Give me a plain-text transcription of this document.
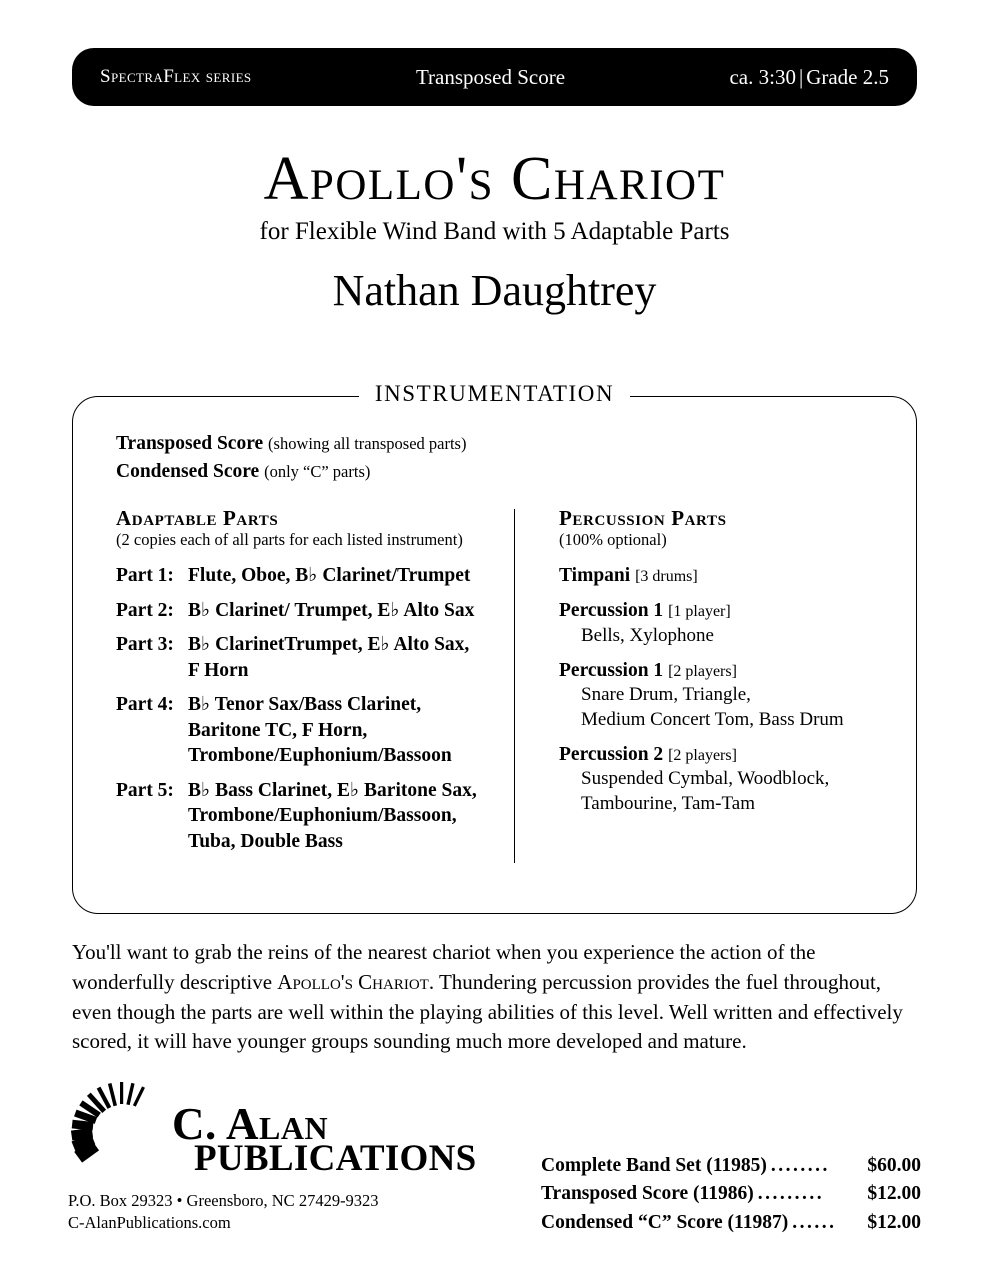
SpectraFlex series	Transposed Score	ca. 3:30 | Grade 2.5
Apollo's Chariot
for Flexible Wind Band with 5 Adaptable Parts
Nathan Daughtrey
INSTRUMENTATION
Transposed Score (showing all transposed parts)
Condensed Score (only “C” parts)
Adaptable Parts
(2 copies each of all parts for each listed instrument)
Part 1: Flute, Oboe, B♭ Clarinet/Trumpet
Part 2: B♭ Clarinet/ Trumpet, E♭ Alto Sax
Part 3: B♭ ClarinetTrumpet, E♭ Alto Sax,
F Horn
Part 4: B♭ Tenor Sax/Bass Clarinet,
Baritone TC, F Horn,
Trombone/Euphonium/Bassoon
Part 5: B♭ Bass Clarinet, E♭ Baritone Sax,
Trombone/Euphonium/Bassoon,
Tuba, Double Bass
Percussion Parts
(100% optional)
Timpani [3 drums]
Percussion 1 [1 player]
Bells, Xylophone
Percussion 1 [2 players]
Snare Drum, Triangle,
Medium Concert Tom, Bass Drum
Percussion 2 [2 players]
Suspended Cymbal, Woodblock,
Tambourine, Tam-Tam
You'll want to grab the reins of the nearest chariot when you experience the action of the wonderfully descriptive Apollo's Chariot. Thundering percussion provides the fuel throughout, even though the parts are well within the playing abilities of this level. Well written and effectively scored, it will have younger groups sounding much more developed and mature.
C. Alan
PUBLICATIONS
P.O. Box 29323 • Greensboro, NC 27429-9323
C-AlanPublications.com
Complete Band Set (11985) ........	$60.00
Transposed Score (11986) .........	$12.00
Condensed “C” Score (11987) ......	$12.00
